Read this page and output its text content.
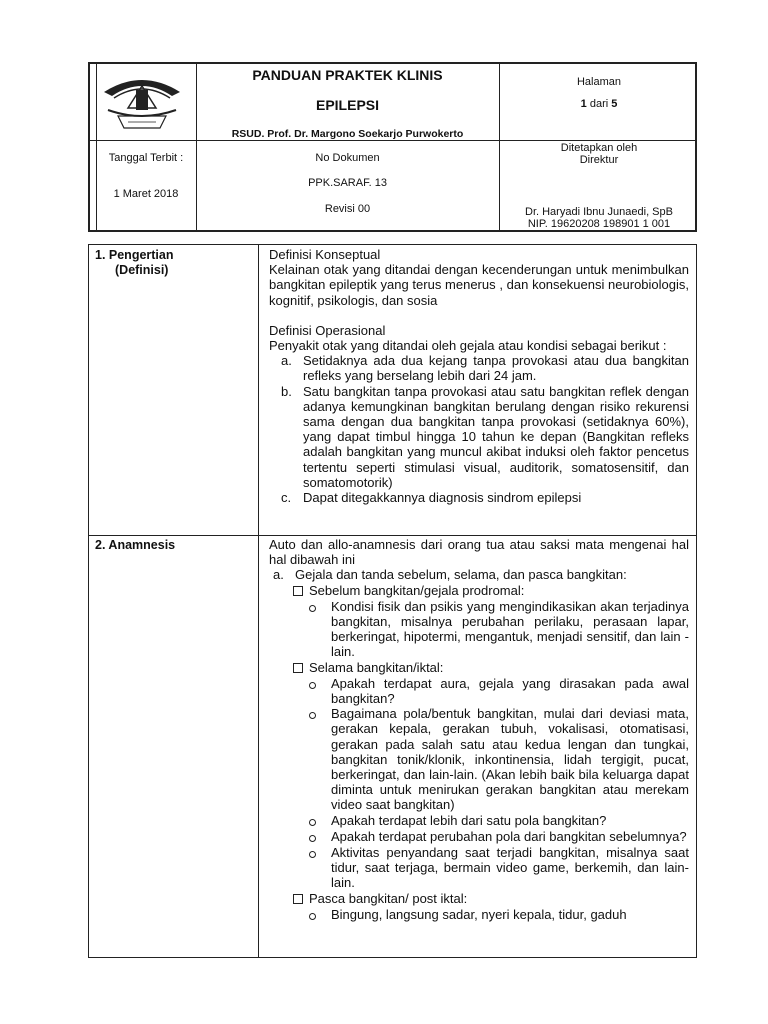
PANDUAN PRAKTEK KLINIS
EPILEPSI
RSUD. Prof. Dr. Margono Soekarjo Purwokerto
Halaman
1 dari 5
Tanggal Terbit :
1 Maret 2018
No Dokumen
PPK.SARAF. 13
Revisi 00
Ditetapkan oleh
Direktur
Dr. Haryadi Ibnu Junaedi, SpB
NIP. 19620208 198901 1 001
1. Pengertian
(Definisi)

Definisi Konseptual

Kelainan otak yang ditandai dengan kecenderungan untuk menimbulkan bangkitan epileptik yang terus menerus , dan konsekuensi neurobiologis, kognitif, psikologis, dan sosia

Definisi Operasional

Penyakit otak yang ditandai oleh gejala atau kondisi sebagai berikut :

a. Setidaknya ada dua kejang tanpa provokasi atau dua bangkitan refleks yang berselang lebih dari 24 jam.
b. Satu bangkitan tanpa provokasi atau satu bangkitan reflek dengan adanya kemungkinan bangkitan berulang dengan risiko rekurensi sama dengan dua bangkitan tanpa provokasi (setidaknya 60%), yang dapat timbul hingga 10 tahun ke depan (Bangkitan refleks adalah bangkitan yang muncul akibat induksi oleh faktor pencetus tertentu seperti stimulasi visual, auditorik, somatosensitif, dan somatomotorik)
c. Dapat ditegakkannya diagnosis sindrom epilepsi
2. Anamnesis	Auto dan allo-anamnesis dari orang tua atau saksi mata mengenai hal hal dibawah ini

a. Gejala dan tanda sebelum, selama, dan pasca bangkitan:
Sebelum bangkitan/gejala prodromal:
Kondisi fisik dan psikis yang mengindikasikan akan terjadinya bangkitan, misalnya perubahan perilaku, perasaan lapar, berkeringat, hipotermi, mengantuk, menjadi sensitif, dan lain -lain.
Selama bangkitan/iktal:
Apakah terdapat aura, gejala yang dirasakan pada awal bangkitan?
Bagaimana pola/bentuk bangkitan, mulai dari deviasi mata, gerakan kepala, gerakan tubuh, vokalisasi, otomatisasi, gerakan pada salah satu atau kedua lengan dan tungkai, bangkitan tonik/klonik, inkontinensia, lidah tergigit, pucat, berkeringat, dan lain-lain. (Akan lebih baik bila keluarga dapat diminta untuk menirukan gerakan bangkitan atau merekam video saat bangkitan)
Apakah terdapat lebih dari satu pola bangkitan?
Apakah terdapat perubahan pola dari bangkitan sebelumnya?
Aktivitas penyandang saat terjadi bangkitan, misalnya saat tidur, saat terjaga, bermain video game, berkemih, dan lain-lain.
Pasca bangkitan/ post iktal:
Bingung, langsung sadar, nyeri kepala, tidur, gaduh
